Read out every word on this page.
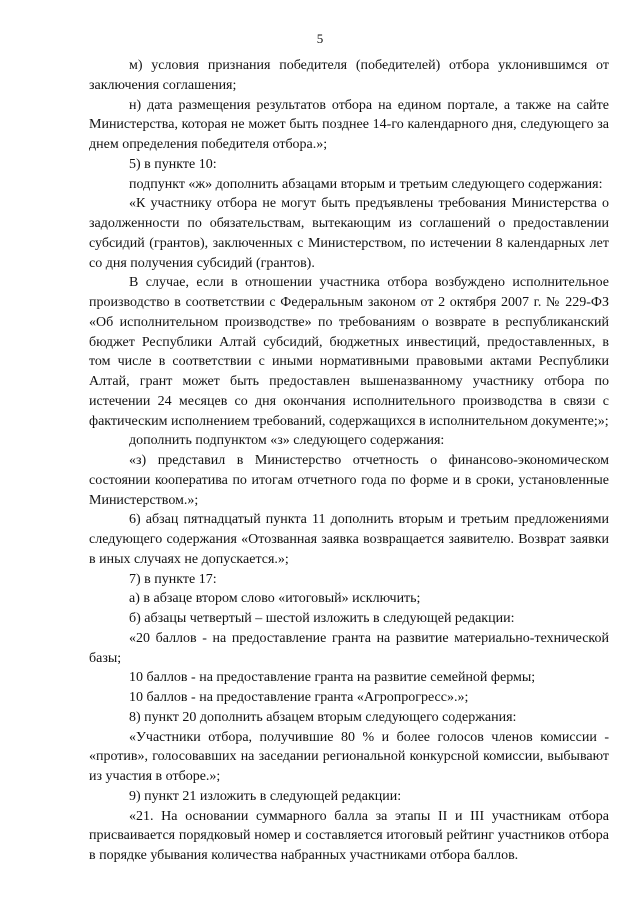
5

м) условия признания победителя (победителей) отбора уклонившимся от заключения соглашения;

н) дата размещения результатов отбора на едином портале, а также на сайте Министерства, которая не может быть позднее 14-го календарного дня, следующего за днем определения победителя отбора.»;

5) в пункте 10:

подпункт «ж» дополнить абзацами вторым и третьим следующего содержания:

«К участнику отбора не могут быть предъявлены требования Министерства о задолженности по обязательствам, вытекающим из соглашений о предоставлении субсидий (грантов), заключенных с Министерством, по истечении 8 календарных лет со дня получения субсидий (грантов).

В случае, если в отношении участника отбора возбуждено исполнительное производство в соответствии с Федеральным законом от 2 октября 2007 г. № 229-ФЗ «Об исполнительном производстве» по требованиям о возврате в республиканский бюджет Республики Алтай субсидий, бюджетных инвестиций, предоставленных, в том числе в соответствии с иными нормативными правовыми актами Республики Алтай, грант может быть предоставлен вышеназванному участнику отбора по истечении 24 месяцев со дня окончания исполнительного производства в связи с фактическим исполнением требований, содержащихся в исполнительном документе;»;

дополнить подпунктом «з» следующего содержания:

«з) представил в Министерство отчетность о финансово-экономическом состоянии кооператива по итогам отчетного года по форме и в сроки, установленные Министерством.»;

6) абзац пятнадцатый пункта 11 дополнить вторым и третьим предложениями следующего содержания «Отозванная заявка возвращается заявителю. Возврат заявки в иных случаях не допускается.»;

7) в пункте 17:

а) в абзаце втором слово «итоговый» исключить;

б) абзацы четвертый – шестой изложить в следующей редакции:

«20 баллов - на предоставление гранта на развитие материально-технической базы;

10 баллов - на предоставление гранта на развитие семейной фермы;

10 баллов - на предоставление гранта «Агропрогресс».»;

8) пункт 20 дополнить абзацем вторым следующего содержания:

«Участники отбора, получившие 80 % и более голосов членов комиссии - «против», голосовавших на заседании региональной конкурсной комиссии, выбывают из участия в отборе.»;

9) пункт 21 изложить в следующей редакции:

«21. На основании суммарного балла за этапы II и III участникам отбора присваивается порядковый номер и составляется итоговый рейтинг участников отбора в порядке убывания количества набранных участниками отбора баллов.
